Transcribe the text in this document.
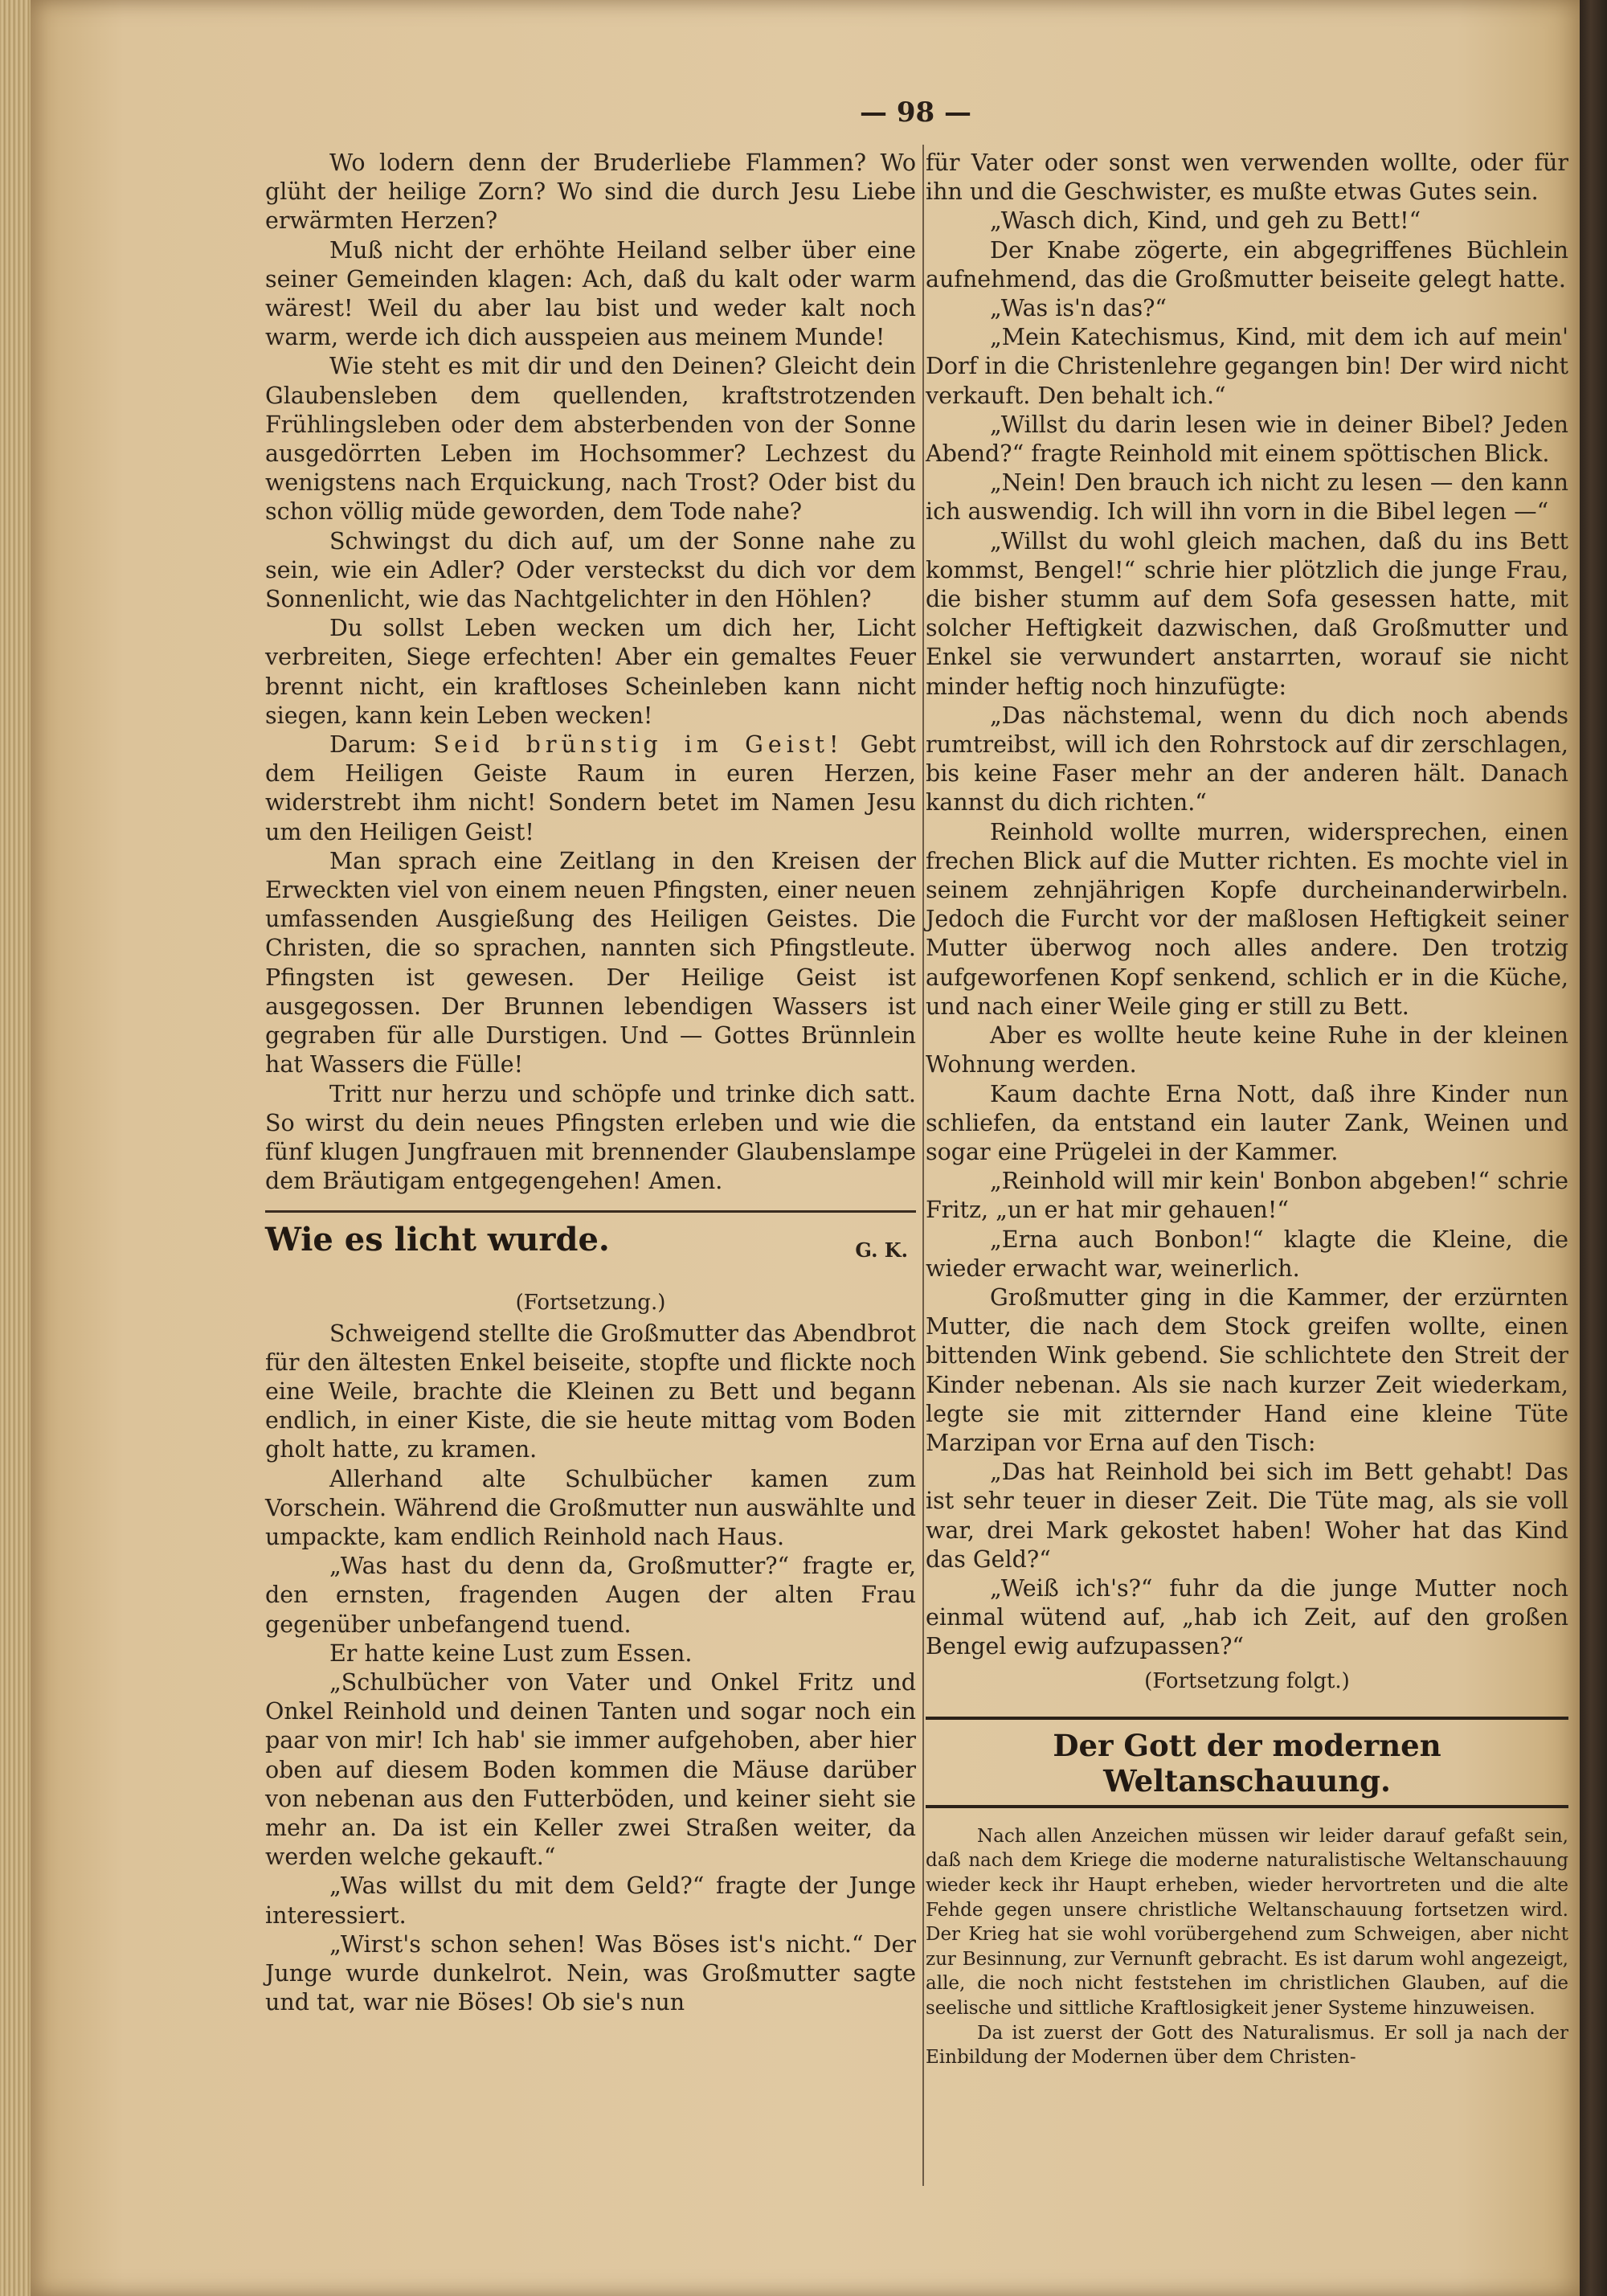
— 98 —

Wo lodern denn der Bruderliebe Flammen? Wo glüht der heilige Zorn? Wo sind die durch Jesu Liebe erwärmten Herzen?

Muß nicht der erhöhte Heiland selber über eine seiner Gemeinden klagen: Ach, daß du kalt oder warm wärest! Weil du aber lau bist und weder kalt noch warm, werde ich dich ausspeien aus meinem Munde!

Wie steht es mit dir und den Deinen? Gleicht dein Glaubensleben dem quellenden, kraftstrotzenden Frühlingsleben oder dem absterbenden von der Sonne ausgedörrten Leben im Hochsommer? Lechzest du wenigstens nach Erquickung, nach Trost? Oder bist du schon völlig müde geworden, dem Tode nahe?

Schwingst du dich auf, um der Sonne nahe zu sein, wie ein Adler? Oder versteckst du dich vor dem Sonnenlicht, wie das Nachtgelichter in den Höhlen?

Du sollst Leben wecken um dich her, Licht verbreiten, Siege erfechten! Aber ein gemaltes Feuer brennt nicht, ein kraftloses Scheinleben kann nicht siegen, kann kein Leben wecken!

Darum: Seid brünstig im Geist! Gebt dem Heiligen Geiste Raum in euren Herzen, widerstrebt ihm nicht! Sondern betet im Namen Jesu um den Heiligen Geist!

Man sprach eine Zeitlang in den Kreisen der Erweckten viel von einem neuen Pfingsten, einer neuen umfassenden Ausgießung des Heiligen Geistes. Die Christen, die so sprachen, nannten sich Pfingstleute. Pfingsten ist gewesen. Der Heilige Geist ist ausgegossen. Der Brunnen lebendigen Wassers ist gegraben für alle Durstigen. Und — Gottes Brünnlein hat Wassers die Fülle!

Tritt nur herzu und schöpfe und trinke dich satt. So wirst du dein neues Pfingsten erleben und wie die fünf klugen Jungfrauen mit brennender Glaubenslampe dem Bräutigam entgegengehen! Amen.

Wie es licht wurde.	G. K.

(Fortsetzung.)

Schweigend stellte die Großmutter das Abendbrot für den ältesten Enkel beiseite, stopfte und flickte noch eine Weile, brachte die Kleinen zu Bett und begann endlich, in einer Kiste, die sie heute mittag vom Boden gholt hatte, zu kramen.

Allerhand alte Schulbücher kamen zum Vorschein. Während die Großmutter nun auswählte und umpackte, kam endlich Reinhold nach Haus.

„Was hast du denn da, Großmutter?“ fragte er, den ernsten, fragenden Augen der alten Frau gegenüber unbefangend tuend.

Er hatte keine Lust zum Essen.

„Schulbücher von Vater und Onkel Fritz und Onkel Reinhold und deinen Tanten und sogar noch ein paar von mir! Ich hab' sie immer aufgehoben, aber hier oben auf diesem Boden kommen die Mäuse darüber von nebenan aus den Futterböden, und keiner sieht sie mehr an. Da ist ein Keller zwei Straßen weiter, da werden welche gekauft.“

„Was willst du mit dem Geld?“ fragte der Junge interessiert.

„Wirst's schon sehen! Was Böses ist's nicht.“ Der Junge wurde dunkelrot. Nein, was Großmutter sagte und tat, war nie Böses! Ob sie's nun

für Vater oder sonst wen verwenden wollte, oder für ihn und die Geschwister, es mußte etwas Gutes sein.

„Wasch dich, Kind, und geh zu Bett!“

Der Knabe zögerte, ein abgegriffenes Büchlein aufnehmend, das die Großmutter beiseite gelegt hatte.

„Was is'n das?“

„Mein Katechismus, Kind, mit dem ich auf mein' Dorf in die Christenlehre gegangen bin! Der wird nicht verkauft. Den behalt ich.“

„Willst du darin lesen wie in deiner Bibel? Jeden Abend?“ fragte Reinhold mit einem spöttischen Blick.

„Nein! Den brauch ich nicht zu lesen — den kann ich auswendig. Ich will ihn vorn in die Bibel legen —“

„Willst du wohl gleich machen, daß du ins Bett kommst, Bengel!“ schrie hier plötzlich die junge Frau, die bisher stumm auf dem Sofa gesessen hatte, mit solcher Heftigkeit dazwischen, daß Großmutter und Enkel sie verwundert anstarrten, worauf sie nicht minder heftig noch hinzufügte:

„Das nächstemal, wenn du dich noch abends rumtreibst, will ich den Rohrstock auf dir zerschlagen, bis keine Faser mehr an der anderen hält. Danach kannst du dich richten.“

Reinhold wollte murren, widersprechen, einen frechen Blick auf die Mutter richten. Es mochte viel in seinem zehnjährigen Kopfe durcheinanderwirbeln. Jedoch die Furcht vor der maßlosen Heftigkeit seiner Mutter überwog noch alles andere. Den trotzig aufgeworfenen Kopf senkend, schlich er in die Küche, und nach einer Weile ging er still zu Bett.

Aber es wollte heute keine Ruhe in der kleinen Wohnung werden.

Kaum dachte Erna Nott, daß ihre Kinder nun schliefen, da entstand ein lauter Zank, Weinen und sogar eine Prügelei in der Kammer.

„Reinhold will mir kein' Bonbon abgeben!“ schrie Fritz, „un er hat mir gehauen!“

„Erna auch Bonbon!“ klagte die Kleine, die wieder erwacht war, weinerlich.

Großmutter ging in die Kammer, der erzürnten Mutter, die nach dem Stock greifen wollte, einen bittenden Wink gebend. Sie schlichtete den Streit der Kinder nebenan. Als sie nach kurzer Zeit wiederkam, legte sie mit zitternder Hand eine kleine Tüte Marzipan vor Erna auf den Tisch:

„Das hat Reinhold bei sich im Bett gehabt! Das ist sehr teuer in dieser Zeit. Die Tüte mag, als sie voll war, drei Mark gekostet haben! Woher hat das Kind das Geld?“

„Weiß ich's?“ fuhr da die junge Mutter noch einmal wütend auf, „hab ich Zeit, auf den großen Bengel ewig aufzupassen?“

(Fortsetzung folgt.)

Der Gott der modernen Weltanschauung.

Nach allen Anzeichen müssen wir leider darauf gefaßt sein, daß nach dem Kriege die moderne naturalistische Weltanschauung wieder keck ihr Haupt erheben, wieder hervortreten und die alte Fehde gegen unsere christliche Weltanschauung fortsetzen wird. Der Krieg hat sie wohl vorübergehend zum Schweigen, aber nicht zur Besinnung, zur Vernunft gebracht. Es ist darum wohl angezeigt, alle, die noch nicht feststehen im christlichen Glauben, auf die seelische und sittliche Kraftlosigkeit jener Systeme hinzuweisen.

Da ist zuerst der Gott des Naturalismus. Er soll ja nach der Einbildung der Modernen über dem Christen-
